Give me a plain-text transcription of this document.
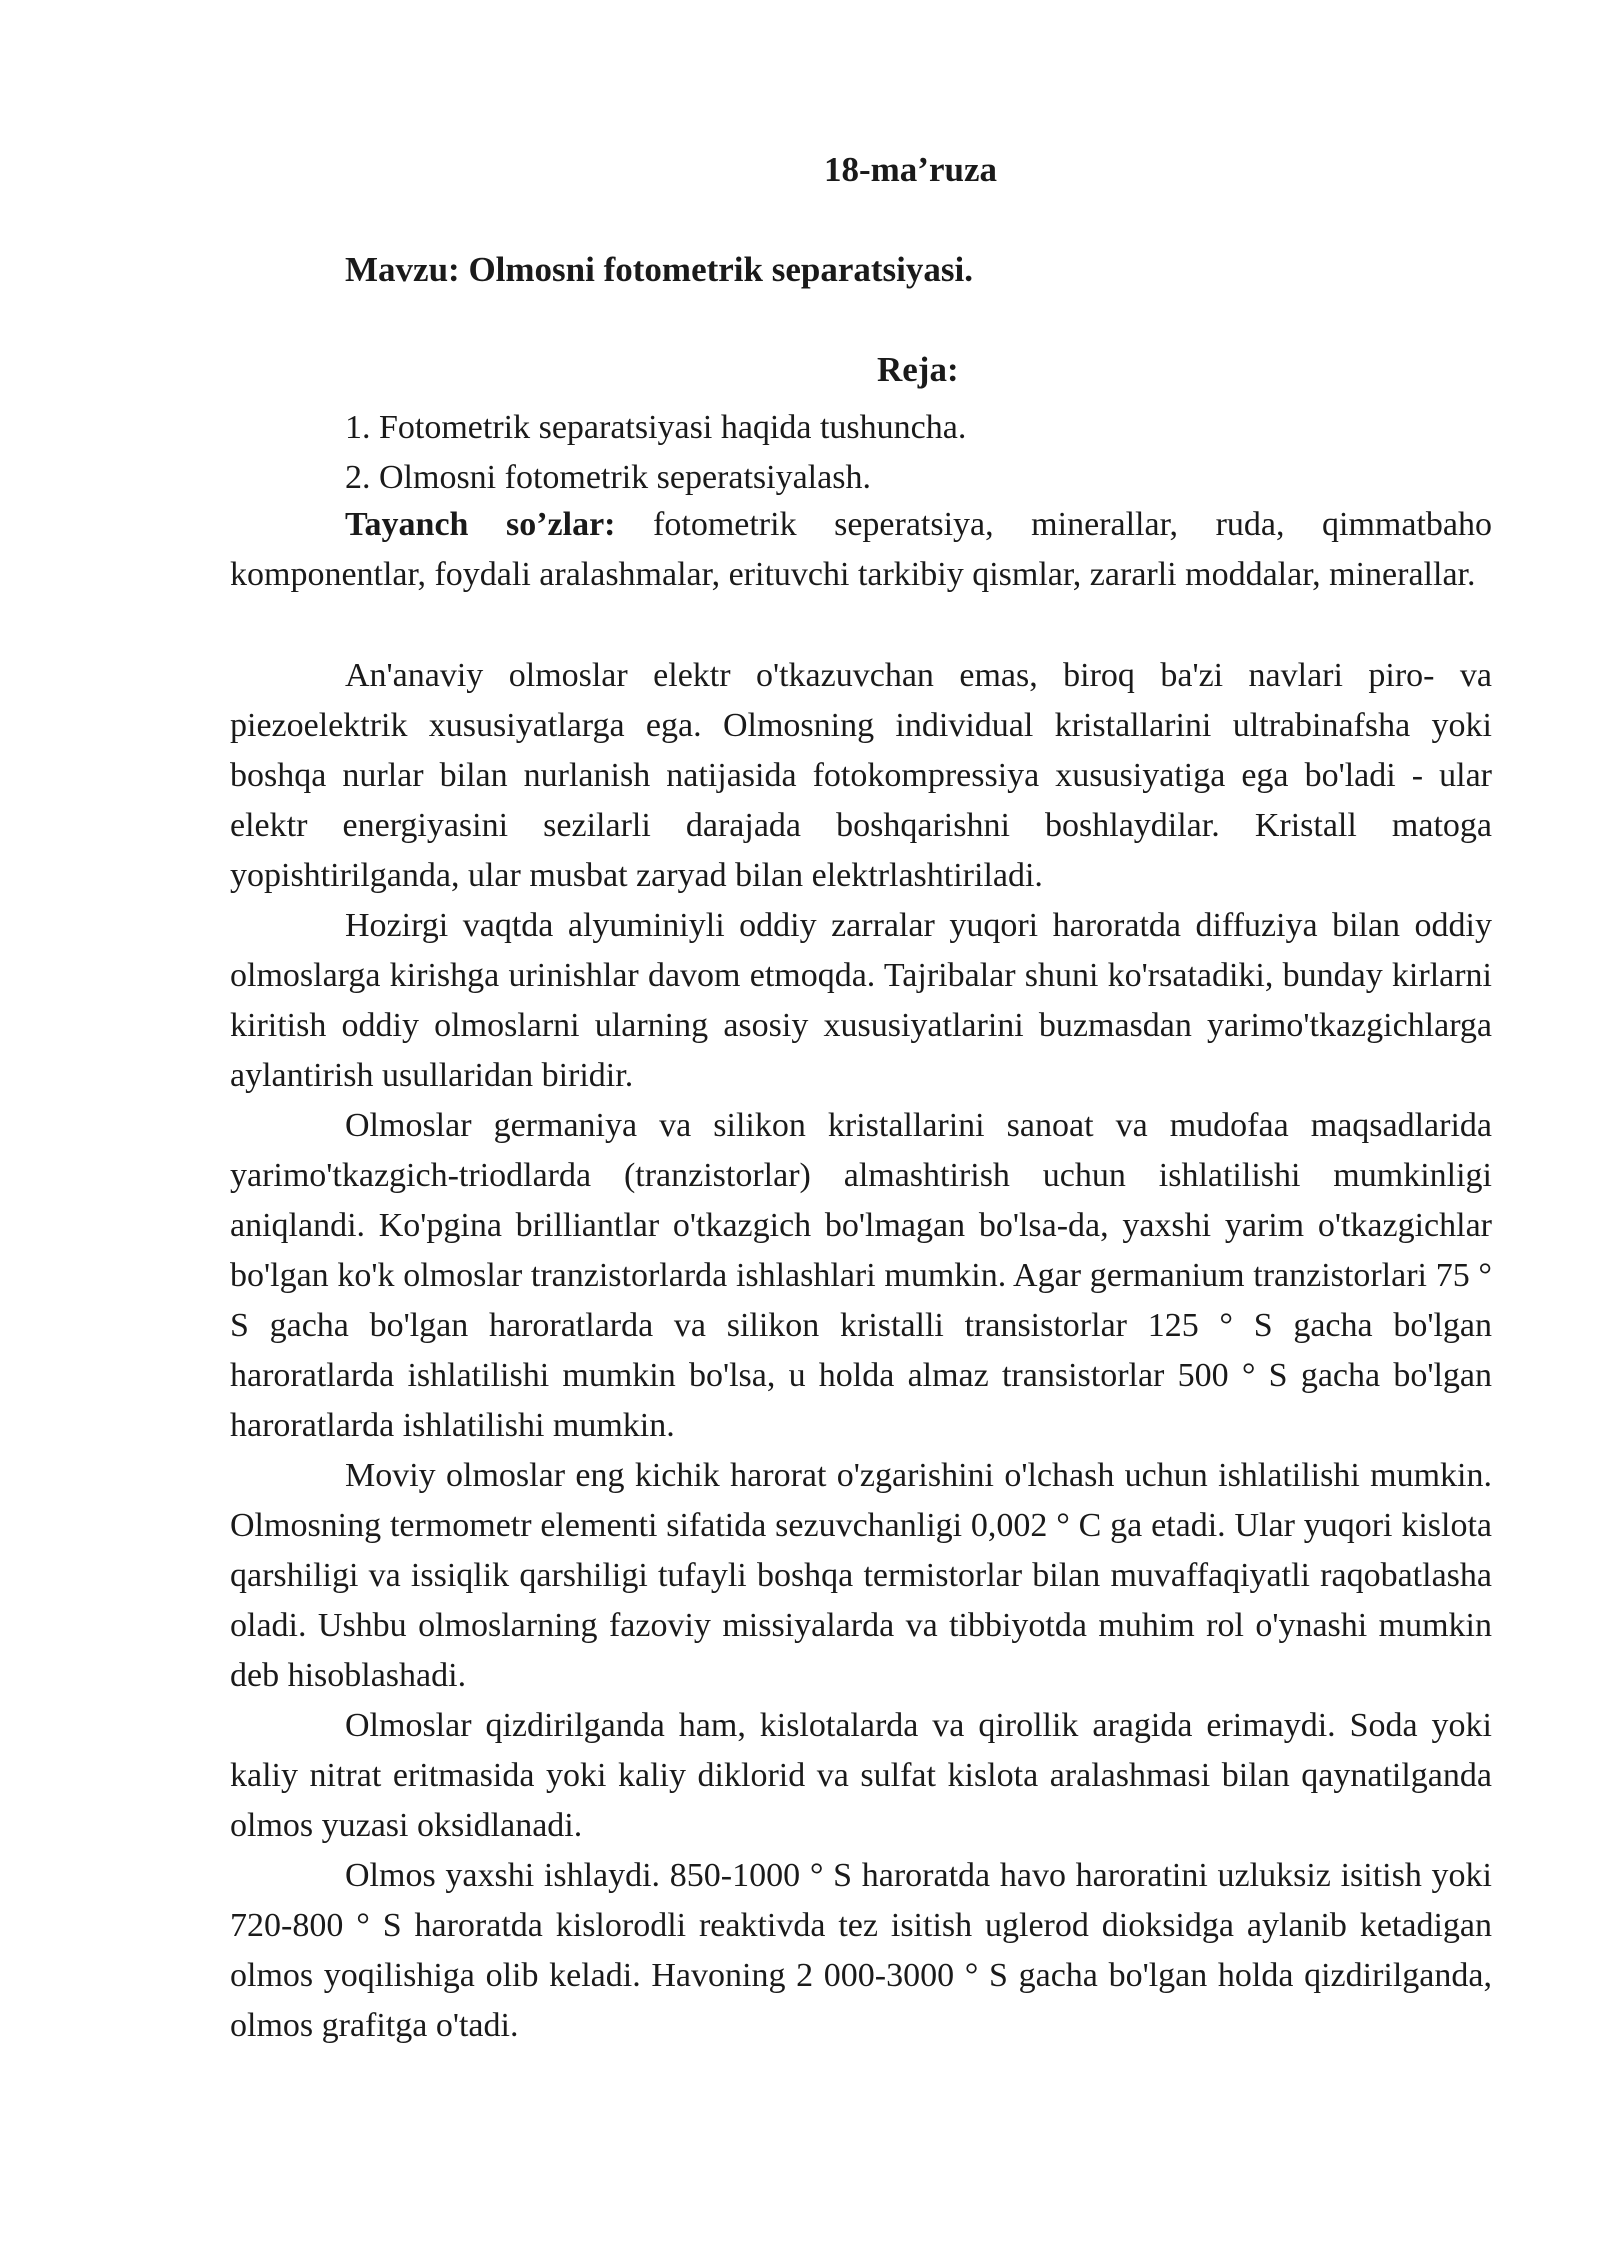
18-ma’ruza
Mavzu: Olmosni fotometrik separatsiyasi.
Reja:
1. Fotometrik separatsiyasi haqida tushuncha.
2. Olmosni fotometrik seperatsiyalash.

Tayanch so’zlar: fotometrik seperatsiya, minerallar, ruda, qimmatbaho komponentlar, foydali aralashmalar, erituvchi tarkibiy qismlar, zararli moddalar, minerallar.

An'anaviy olmoslar elektr o'tkazuvchan emas, biroq ba'zi navlari piro- va piezoelektrik xususiyatlarga ega. Olmosning individual kristallarini ultrabinafsha yoki boshqa nurlar bilan nurlanish natijasida fotokompressiya xususiyatiga ega bo'ladi - ular elektr energiyasini sezilarli darajada boshqarishni boshlaydilar. Kristall matoga yopishtirilganda, ular musbat zaryad bilan elektrlashtiriladi.

Hozirgi vaqtda alyuminiyli oddiy zarralar yuqori haroratda diffuziya bilan oddiy olmoslarga kirishga urinishlar davom etmoqda. Tajribalar shuni ko'rsatadiki, bunday kirlarni kiritish oddiy olmoslarni ularning asosiy xususiyatlarini buzmasdan yarimo'tkazgichlarga aylantirish usullaridan biridir.

Olmoslar germaniya va silikon kristallarini sanoat va mudofaa maqsadlarida yarimo'tkazgich-triodlarda (tranzistorlar) almashtirish uchun ishlatilishi mumkinligi aniqlandi. Ko'pgina brilliantlar o'tkazgich bo'lmagan bo'lsa-da, yaxshi yarim o'tkazgichlar bo'lgan ko'k olmoslar tranzistorlarda ishlashlari mumkin. Agar germanium tranzistorlari 75 ° S gacha bo'lgan haroratlarda va silikon kristalli transistorlar 125 ° S gacha bo'lgan haroratlarda ishlatilishi mumkin bo'lsa, u holda almaz transistorlar 500 ° S gacha bo'lgan haroratlarda ishlatilishi mumkin.

Moviy olmoslar eng kichik harorat o'zgarishini o'lchash uchun ishlatilishi mumkin. Olmosning termometr elementi sifatida sezuvchanligi 0,002 ° C ga etadi. Ular yuqori kislota qarshiligi va issiqlik qarshiligi tufayli boshqa termistorlar bilan muvaffaqiyatli raqobatlasha oladi. Ushbu olmoslarning fazoviy missiyalarda va tibbiyotda muhim rol o'ynashi mumkin deb hisoblashadi.

Olmoslar qizdirilganda ham, kislotalarda va qirollik aragida erimaydi. Soda yoki kaliy nitrat eritmasida yoki kaliy diklorid va sulfat kislota aralashmasi bilan qaynatilganda olmos yuzasi oksidlanadi.

Olmos yaxshi ishlaydi. 850-1000 ° S haroratda havo haroratini uzluksiz isitish yoki 720-800 ° S haroratda kislorodli reaktivda tez isitish uglerod dioksidga aylanib ketadigan olmos yoqilishiga olib keladi. Havoning 2 000-3000 ° S gacha bo'lgan holda qizdirilganda, olmos grafitga o'tadi.
